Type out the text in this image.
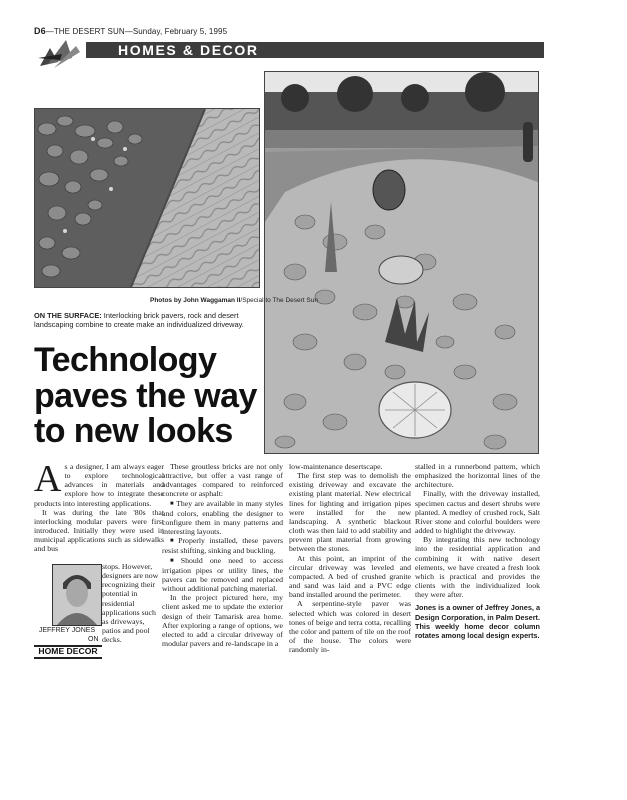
D6—THE DESERT SUN—Sunday, February 5, 1995
HOMES & DECOR
Photos by John Waggaman II/Special to The Desert Sun
ON THE SURFACE: Interlocking brick pavers, rock and desert landscaping combine to create make an individualized driveway.
Technology
paves the way
to new looks

As a designer, I am always eager to explore technological advances in materials and explore how to integrate these products into interesting applications.

It was during the late '80s that interlocking modular pavers were first introduced. Initially they were used in municipal applications such as sidewalks and bus

stops. However, designers are now recognizing their potential in residential applications such as driveways, patios and pool decks.
JEFFREY JONES
ON
HOME DECOR

These groutless bricks are not only attractive, but offer a vast range of advantages compared to reinforced concrete or asphalt:

■ They are available in many styles and colors, enabling the designer to configure them in many patterns and interesting layouts.

■ Properly installed, these pavers resist shifting, sinking and buckling.

■ Should one need to access irrigation pipes or utility lines, the pavers can be removed and replaced without additional patching material.

In the project pictured here, my client asked me to update the exterior design of their Tamarisk area home. After exploring a range of options, we elected to add a circular driveway of modular pavers and re-landscape in a

low-maintenance desertscape.

The first step was to demolish the existing driveway and excavate the existing plant material. New electrical lines for lighting and irrigation pipes were installed for the new landscaping. A synthetic blackout cloth was then laid to add stability and prevent plant material from growing between the stones.

At this point, an imprint of the circular driveway was leveled and compacted. A bed of crushed granite and sand was laid and a PVC edge band installed around the perimeter.

A serpentine-style paver was selected which was colored in desert tones of beige and terra cotta, recalling the color and pattern of tile on the roof of the house. The colors were randomly in-

stalled in a runnerbond pattern, which emphasized the horizontal lines of the architecture.

Finally, with the driveway installed, specimen cactus and desert shrubs were planted. A medley of crushed rock, Salt River stone and colorful boulders were added to highlight the driveway.

By integrating this new technology into the residential application and combining it with native desert elements, we have created a fresh look which is practical and provides the clients with the individualized look they were after.

Jones is a owner of Jeffrey Jones, a Design Corporation, in Palm Desert. This weekly home decor column rotates among local design experts.
